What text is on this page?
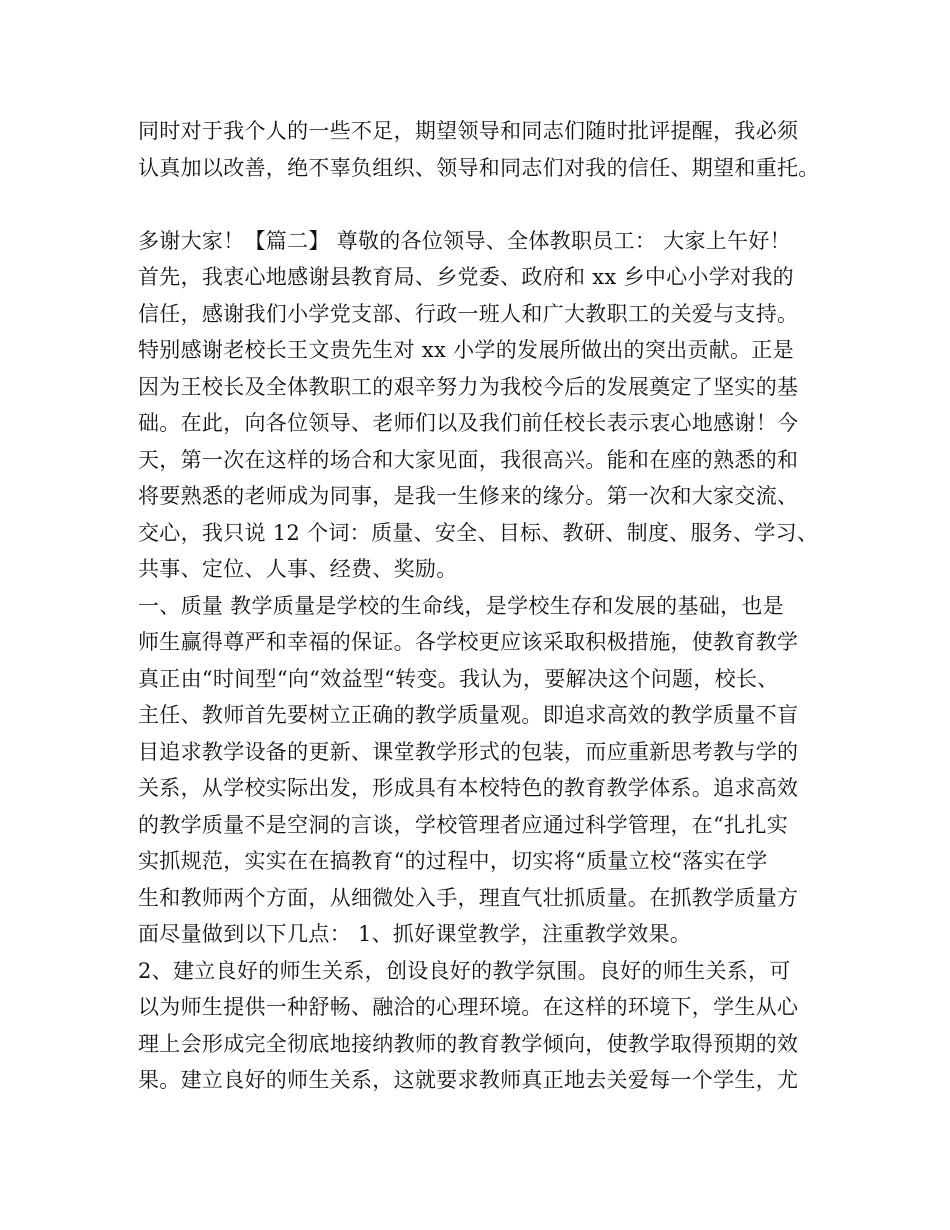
同时对于我个人的一些不足，期望领导和同志们随时批评提醒，我必须
认真加以改善，绝不辜负组织、领导和同志们对我的信任、期望和重托。
多谢大家！【篇二】 尊敬的各位领导、全体教职员工： 大家上午好！
首先，我衷心地感谢县教育局、乡党委、政府和 xx 乡中心小学对我的
信任，感谢我们小学党支部、行政一班人和广大教职工的关爱与支持。
特别感谢老校长王文贵先生对 xx 小学的发展所做出的突出贡献。正是
因为王校长及全体教职工的艰辛努力为我校今后的发展奠定了坚实的基
础。在此，向各位领导、老师们以及我们前任校长表示衷心地感谢！今
天，第一次在这样的场合和大家见面，我很高兴。能和在座的熟悉的和
将要熟悉的老师成为同事，是我一生修来的缘分。第一次和大家交流、
交心，我只说 12 个词：质量、安全、目标、教研、制度、服务、学习、
共事、定位、人事、经费、奖励。
一、质量 教学质量是学校的生命线，是学校生存和发展的基础，也是
师生赢得尊严和幸福的保证。各学校更应该采取积极措施，使教育教学
真正由“时间型“向“效益型“转变。我认为，要解决这个问题，校长、
主任、教师首先要树立正确的教学质量观。即追求高效的教学质量不盲
目追求教学设备的更新、课堂教学形式的包装，而应重新思考教与学的
关系，从学校实际出发，形成具有本校特色的教育教学体系。追求高效
的教学质量不是空洞的言谈，学校管理者应通过科学管理，在“扎扎实
实抓规范，实实在在搞教育“的过程中，切实将“质量立校“落实在学
生和教师两个方面，从细微处入手，理直气壮抓质量。在抓教学质量方
面尽量做到以下几点： 1、抓好课堂教学，注重教学效果。
2、建立良好的师生关系，创设良好的教学氛围。良好的师生关系，可
以为师生提供一种舒畅、融洽的心理环境。在这样的环境下，学生从心
理上会形成完全彻底地接纳教师的教育教学倾向，使教学取得预期的效
果。建立良好的师生关系，这就要求教师真正地去关爱每一个学生，尤
